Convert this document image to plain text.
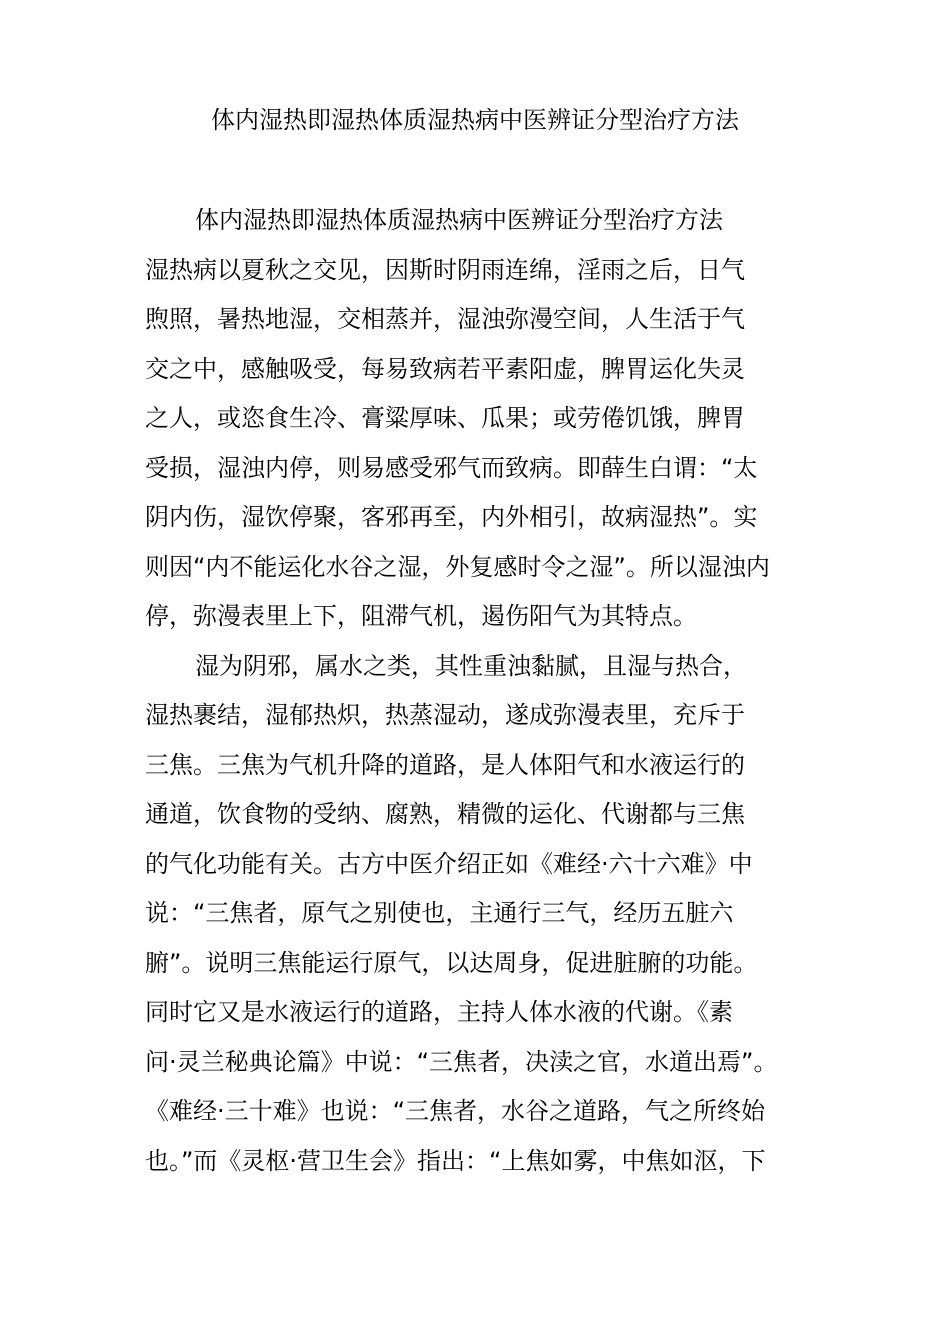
体内湿热即湿热体质湿热病中医辨证分型治疗方法
体内湿热即湿热体质湿热病中医辨证分型治疗方法
湿热病以夏秋之交见，因斯时阴雨连绵，淫雨之后，日气
煦照，暑热地湿，交相蒸并，湿浊弥漫空间，人生活于气
交之中，感触吸受，每易致病若平素阳虚，脾胃运化失灵
之人，或恣食生冷、膏粱厚味、瓜果；或劳倦饥饿，脾胃
受损，湿浊内停，则易感受邪气而致病。即薛生白谓：“太
阴内伤，湿饮停聚，客邪再至，内外相引，故病湿热”。实
则因“内不能运化水谷之湿，外复感时令之湿”。所以湿浊内
停，弥漫表里上下，阻滞气机，遏伤阳气为其特点。
湿为阴邪，属水之类，其性重浊黏腻，且湿与热合，
湿热裹结，湿郁热炽，热蒸湿动，遂成弥漫表里，充斥于
三焦。三焦为气机升降的道路，是人体阳气和水液运行的
通道，饮食物的受纳、腐熟，精微的运化、代谢都与三焦
的气化功能有关。古方中医介绍正如《难经·六十六难》中
说：“三焦者，原气之别使也，主通行三气，经历五脏六
腑”。说明三焦能运行原气，以达周身，促进脏腑的功能。
同时它又是水液运行的道路，主持人体水液的代谢。《素
问·灵兰秘典论篇》中说：“三焦者，决渎之官，水道出焉”。
《难经·三十难》也说：“三焦者，水谷之道路，气之所终始
也。”而《灵枢·营卫生会》指出：“上焦如雾，中焦如沤，下
